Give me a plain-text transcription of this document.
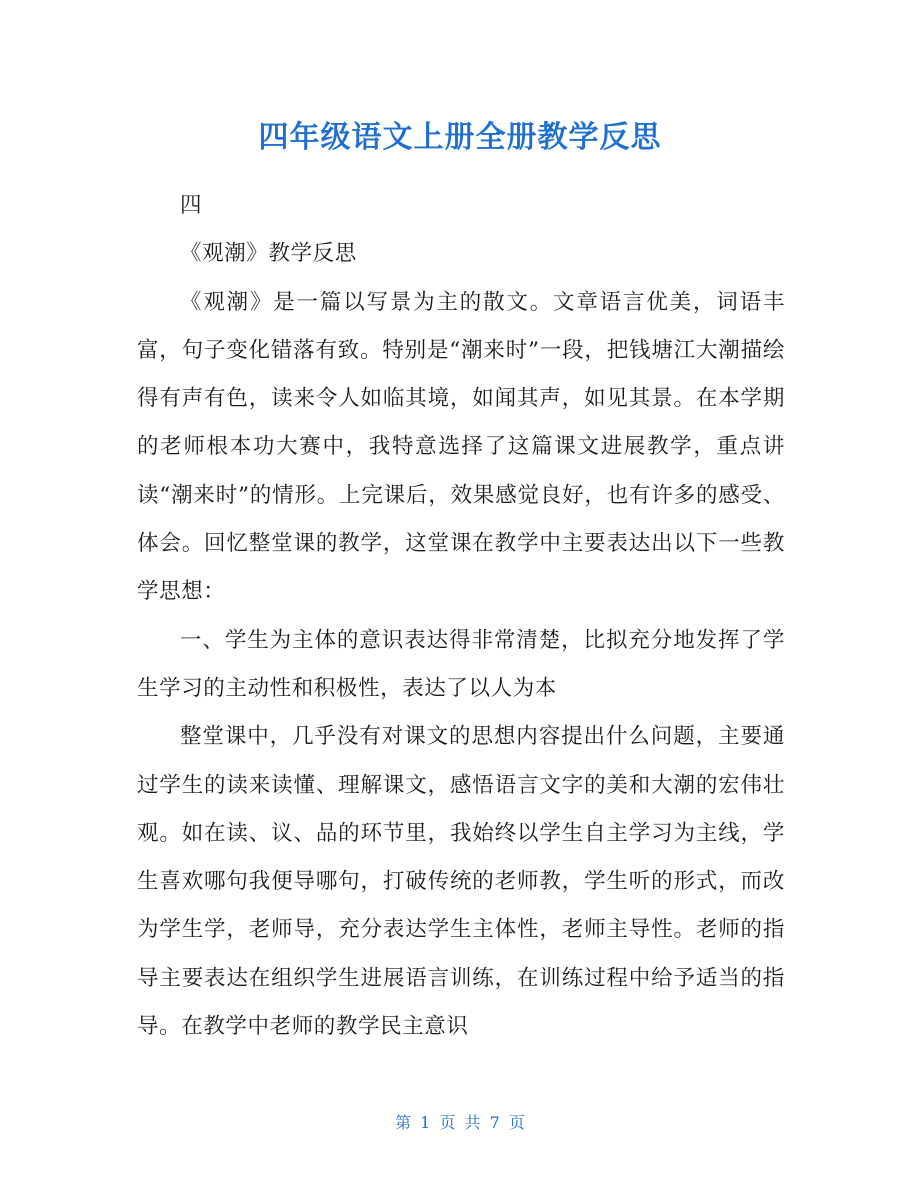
四年级语文上册全册教学反思

四

《观潮》教学反思

《观潮》是一篇以写景为主的散文。文章语言优美，词语丰富，句子变化错落有致。特别是“潮来时”一段，把钱塘江大潮描绘得有声有色，读来令人如临其境，如闻其声，如见其景。在本学期的老师根本功大赛中，我特意选择了这篇课文进展教学，重点讲读“潮来时”的情形。上完课后，效果感觉良好，也有许多的感受、体会。回忆整堂课的教学，这堂课在教学中主要表达出以下一些教学思想：

一、学生为主体的意识表达得非常清楚，比拟充分地发挥了学生学习的主动性和积极性，表达了以人为本

整堂课中，几乎没有对课文的思想内容提出什么问题，主要通过学生的读来读懂、理解课文，感悟语言文字的美和大潮的宏伟壮观。如在读、议、品的环节里，我始终以学生自主学习为主线，学生喜欢哪句我便导哪句，打破传统的老师教，学生听的形式，而改为学生学，老师导，充分表达学生主体性，老师主导性。老师的指导主要表达在组织学生进展语言训练，在训练过程中给予适当的指导。在教学中老师的教学民主意识

第 1 页 共 7 页
